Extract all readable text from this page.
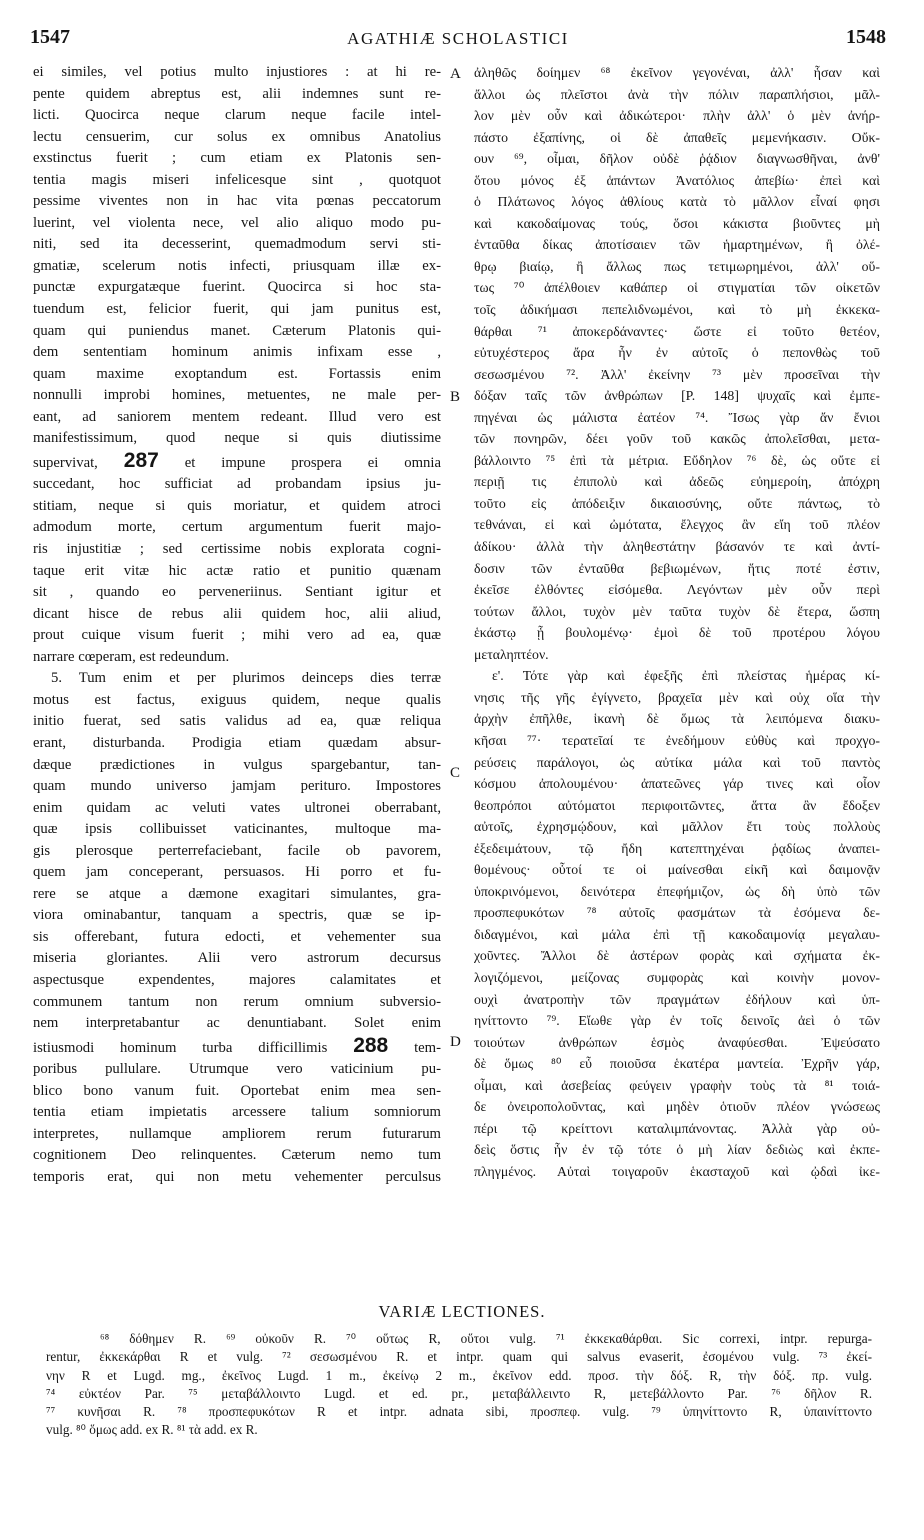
1547	AGATHIÆ SCHOLASTICI	1548
ei similes, vel potius multo injustiores : at hi re-
pente quidem abreptus est, alii indemnes sunt re-
licti. Quocirca neque clarum neque facile intel-
lectu censuerim, cur solus ex omnibus Anatolius
exstinctus fuerit ; cum etiam ex Platonis sen-
tentia magis miseri infelicesque sint , quotquot
pessime viventes non in hac vita pœnas peccatorum
luerint, vel violenta nece, vel alio aliquo modo pu-
niti, sed ita decesserint, quemadmodum servi sti-
gmatiæ, scelerum notis infecti, priusquam illæ ex-
punctæ expurgatæque fuerint. Quocirca si hoc sta-
tuendum est, felicior fuerit, qui jam punitus est,
quam qui puniendus manet. Cæterum Platonis qui-
dem sententiam hominum animis infixam esse ,
quam maxime exoptandum est. Fortassis enim
nonnulli improbi homines, metuentes, ne male per-
eant, ad saniorem mentem redeant. Illud vero est
manifestissimum, quod neque si quis diutissime
supervivat, 287 et impune prospera ei omnia
succedant, hoc sufficiat ad probandam ipsius ju-
stitiam, neque si quis moriatur, et quidem atroci
admodum morte, certum argumentum fuerit majo-
ris injustitiæ ; sed certissime nobis explorata cogni-
taque erit vitæ hic actæ ratio et punitio quænam
sit , quando eo perveneriinus. Sentiant igitur et
dicant hisce de rebus alii quidem hoc, alii aliud,
prout cuique visum fuerit ; mihi vero ad ea, quæ
narrare cœperam, est redeundum.
5. Tum enim et per plurimos deinceps dies terræ
motus est factus, exiguus quidem, neque qualis
initio fuerat, sed satis validus ad ea, quæ reliqua
erant, disturbanda. Prodigia etiam quædam absur-
dæque prædictiones in vulgus spargebantur, tan-
quam mundo universo jamjam perituro. Impostores
enim quidam ac veluti vates ultronei oberrabant,
quæ ipsis collibuisset vaticinantes, multoque ma-
gis plerosque perterrefaciebant, facile ob pavorem,
quem jam conceperant, persuasos. Hi porro et fu-
rere se atque a dæmone exagitari simulantes, gra-
viora ominabantur, tanquam a spectris, quæ se ip-
sis offerebant, futura edocti, et vehementer sua
miseria gloriantes. Alii vero astrorum decursus
aspectusque expendentes, majores calamitates et
communem tantum non rerum omnium subversio-
nem interpretabantur ac denuntiabant. Solet enim
istiusmodi hominum turba difficillimis 288 tem-
poribus pullulare. Utrumque vero vaticinium pu-
blico bono vanum fuit. Oportebat enim mea sen-
tentia etiam impietatis arcessere talium somniorum
interpretes, nullamque ampliorem rerum futurarum
cognitionem Deo relinquentes. Cæterum nemo tum
temporis erat, qui non metu vehementer perculsus
ἀληθῶς δοίημεν ⁶⁸ ἐκεῖνον γεγονέναι, ἀλλ' ἦσαν καὶ
ἄλλοι ὡς πλεῖστοι ἀνὰ τὴν πόλιν παραπλήσιοι, μᾶλ-
λον μὲν οὖν καὶ ἀδικώτεροι· πλὴν ἀλλ' ὁ μὲν ἀνήρ-
πάστο ἐξαπίνης, οἱ δὲ ἀπαθεῖς μεμενήκασιν. Οὔκ-
ουν ⁶⁹, οἶμαι, δῆλον οὐδὲ ῥᾴδιον διαγνωσθῆναι, ἀνθ'
ὅτου μόνος ἐξ ἁπάντων Ἀνατόλιος ἀπεβίω· ἐπεὶ καὶ
ὁ Πλάτωνος λόγος ἀθλίους κατὰ τὸ μᾶλλον εἶναί φησι
καὶ κακοδαίμονας τούς, ὅσοι κάκιστα βιοῦντες μὴ
ἐνταῦθα δίκας ἀποτίσαιεν τῶν ἡμαρτημένων, ἢ ὀλέ-
θρῳ βιαίῳ, ἢ ἄλλως πως τετιμωρημένοι, ἀλλ' οὕ-
τως ⁷⁰ ἀπέλθοιεν καθάπερ οἱ στιγματίαι τῶν οἰκετῶν
τοῖς ἀδικήμασι πεπελιδνωμένοι, καὶ τὸ μὴ ἐκκεκα-
θάρθαι ⁷¹ ἀποκερδάναντες· ὥστε εἰ τοῦτο θετέον,
εὐτυχέστερος ἄρα ἦν ἐν αὐτοῖς ὁ πεπονθὼς τοῦ
σεσωσμένου ⁷². Ἀλλ' ἐκείνην ⁷³ μὲν προσεῖναι τὴν
δόξαν ταῖς τῶν ἀνθρώπων [P. 148] ψυχαῖς καὶ ἐμπε-
πηγέναι ὡς μάλιστα ἐατέον ⁷⁴. Ἴσως γὰρ ἄν ἔνιοι
τῶν πονηρῶν, δέει γοῦν τοῦ κακῶς ἀπολεῖσθαι, μετα-
βάλλοιντο ⁷⁵ ἐπὶ τὰ μέτρια. Εὔδηλον ⁷⁶ δὲ, ὡς οὔτε εἰ
περιῇ τις ἐπιπολὺ καὶ ἀδεῶς εὐημεροίη, ἀπόχρη
τοῦτο εἰς ἀπόδειξιν δικαιοσύνης, οὔτε πάντως, τὸ
τεθνάναι, εἰ καὶ ὠμότατα, ἔλεγχος ἂν εἴη τοῦ πλέον
ἀδίκου· ἀλλὰ τὴν ἀληθεστάτην βάσανόν τε καὶ ἀντί-
δοσιν τῶν ἐνταῦθα βεβιωμένων, ἥτις ποτέ ἐστιν,
ἐκεῖσε ἐλθόντες εἰσόμεθα. Λεγόντων μὲν οὖν περὶ
τούτων ἄλλοι, τυχὸν μὲν ταῦτα τυχὸν δὲ ἕτερα, ὥσπη
ἑκάστῳ ᾖ βουλομένῳ· ἐμοὶ δὲ τοῦ προτέρου λόγου
μεταληπτέον.
ε'. Τότε γὰρ καὶ ἐφεξῆς ἐπὶ πλείστας ἡμέρας κί-
νησις τῆς γῆς ἐγίγνετο, βραχεῖα μὲν καὶ οὐχ οἵα τὴν
ἀρχὴν ἐπῆλθε, ἱκανὴ δὲ ὅμως τὰ λειπόμενα διακυ-
κῆσαι ⁷⁷· τερατεῖαί τε ἐνεδήμουν εὐθὺς καὶ προχγο-
ρεύσεις παράλογοι, ὡς αὐτίκα μάλα καὶ τοῦ παντὸς
κόσμου ἀπολουμένου· ἀπατεῶνες γάρ τινες καὶ οἷον
θεοπρόποι αὐτόματοι περιφοιτῶντες, ἅττα ἂν ἔδοξεν
αὐτοῖς, ἐχρησμῴδουν, καὶ μᾶλλον ἔτι τοὺς πολλοὺς
ἐξεδειμάτουν, τῷ ἤδη κατεπτηχέναι ῥᾳδίως ἀναπει-
θομένους· οὗτοί τε οἱ μαίνεσθαι εἰκῆ καὶ δαιμονᾷν
ὑποκρινόμενοι, δεινότερα ἐπεφήμιζον, ὡς δὴ ὑπὸ τῶν
προσπεφυκότων ⁷⁸ αὐτοῖς φασμάτων τὰ ἐσόμενα δε-
διδαγμένοι, καὶ μάλα ἐπὶ τῇ κακοδαιμονίᾳ μεγαλαυ-
χοῦντες. Ἄλλοι δὲ ἀστέρων φορὰς καὶ σχήματα ἐκ-
λογιζόμενοι, μείζονας συμφορὰς καὶ κοινὴν μονον-
ουχὶ ἀνατροπὴν τῶν πραγμάτων ἐδήλουν καὶ ὑπ-
ηνίττοντο ⁷⁹. Εἴωθε γὰρ ἐν τοῖς δεινοῖς ἀεὶ ὁ τῶν
τοιούτων ἀνθρώπων ἑσμὸς ἀναφύεσθαι. Ἐψεύσατο
δὲ ὅμως ⁸⁰ εὖ ποιοῦσα ἑκατέρα μαντεία. Ἐχρῆν γάρ,
οἶμαι, καὶ ἀσεβείας φεύγειν γραφὴν τοὺς τὰ ⁸¹ τοιά-
δε ὀνειροπολοῦντας, καὶ μηδὲν ὁτιοῦν πλέον γνώσεως
πέρι τῷ κρείττονι καταλιμπάνοντας. Ἀλλὰ γὰρ οὐ-
δεὶς ὅστις ἦν ἐν τῷ τότε ὁ μὴ λίαν δεδιὼς καὶ ἐκπε-
πληγμένος. Αὐταὶ τοιγαροῦν ἑκασταχοῦ καὶ ᾠδαὶ ἰκε-
A
B
C
D
VARIÆ LECTIONES.
⁶⁸ δόθημεν R. ⁶⁹ οὐκοῦν R. ⁷⁰ οὕτως R, οὕτοι vulg. ⁷¹ ἐκκεκαθάρθαι. Sic correxi, intpr. repurga-
rentur, ἐκκεκάρθαι R et vulg. ⁷² σεσωσμένου R. et intpr. quam qui salvus evaserit, ἐσομένου vulg. ⁷³ ἐκεί-
νην R et Lugd. mg., ἐκεῖνος Lugd. 1 m., ἐκείνῳ 2 m., ἐκεῖνον edd. προσ. τὴν δόξ. R, τὴν δόξ. πρ. vulg.
⁷⁴ εὐκτέον Par. ⁷⁵ μεταβάλλοιντο Lugd. et ed. pr., μεταβάλλειντο R, μετεβάλλοντο Par. ⁷⁶ δῆλον R.
⁷⁷ κυνῆσαι R. ⁷⁸ προσπεφυκότων R et intpr. adnata sibi, προσπεφ. vulg. ⁷⁹ ὑπηνίττοντο R, ὑπαινίττοντο
vulg. ⁸⁰ ὅμως add. ex R. ⁸¹ τὰ add. ex R.
